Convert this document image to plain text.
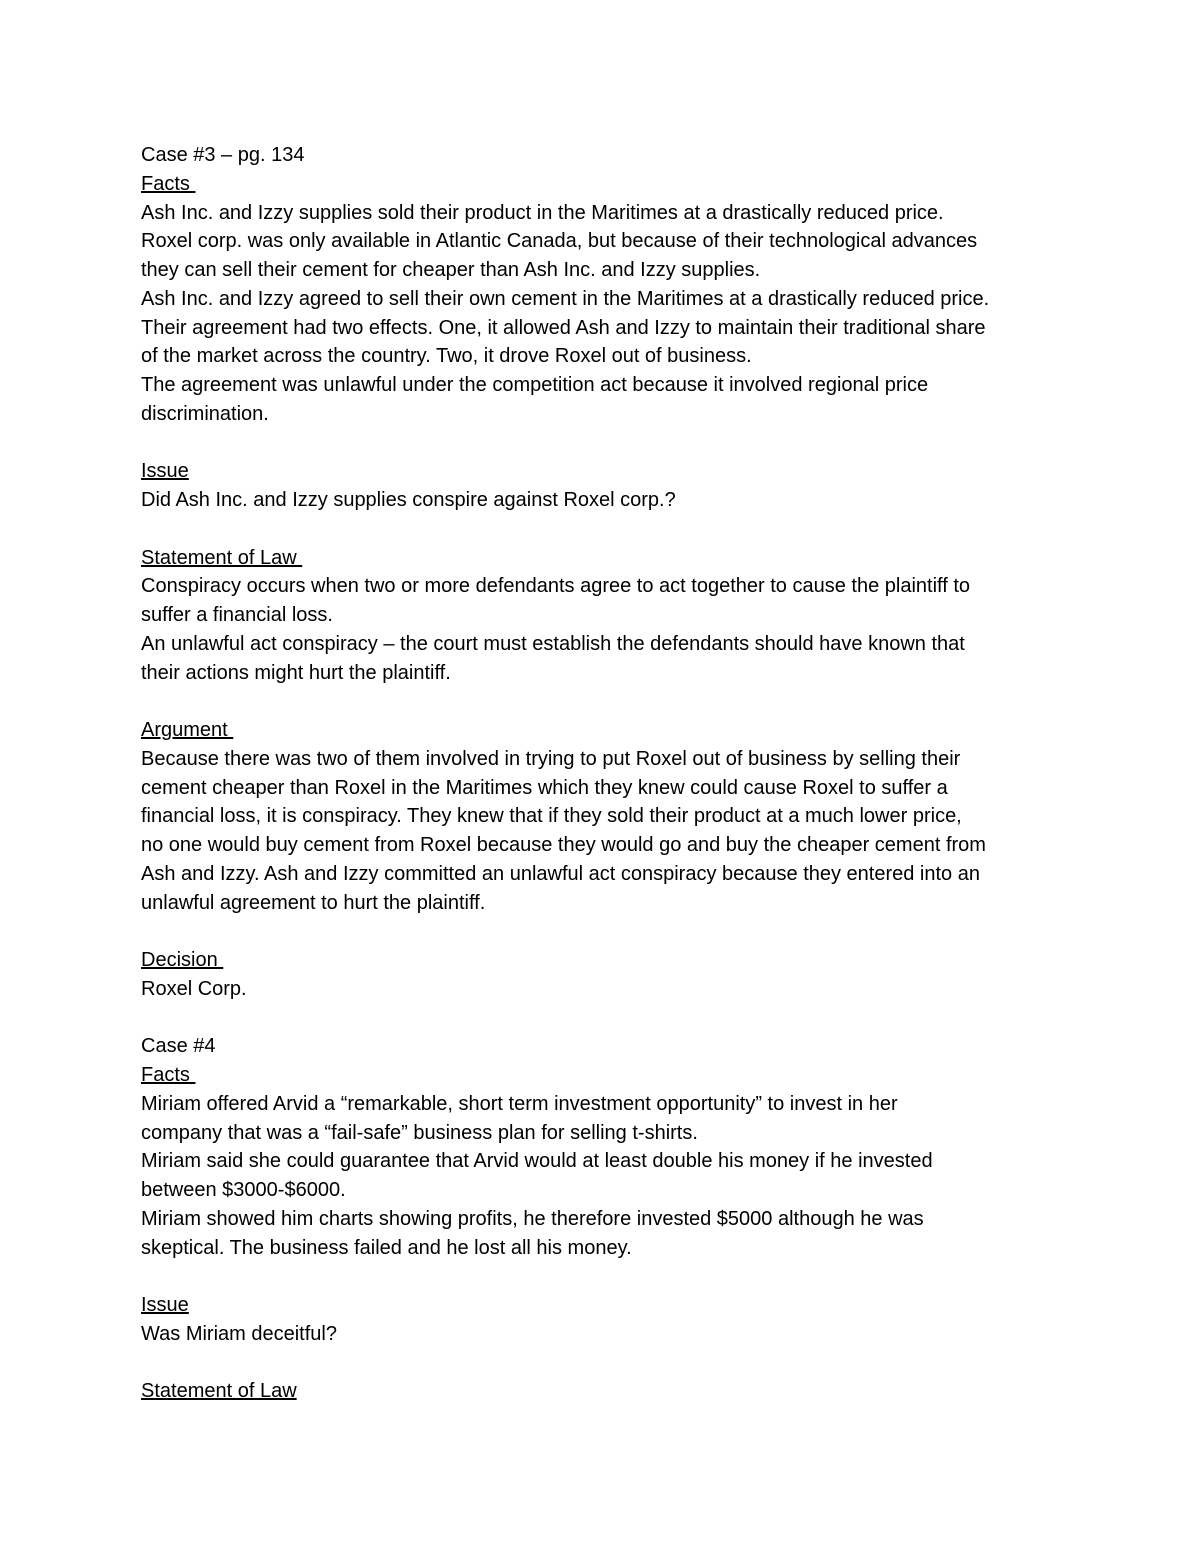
Case #3 – pg. 134
Facts
Ash Inc. and Izzy supplies sold their product in the Maritimes at a drastically reduced price.
Roxel corp. was only available in Atlantic Canada, but because of their technological advances
they can sell their cement for cheaper than Ash Inc. and Izzy supplies.
Ash Inc. and Izzy agreed to sell their own cement in the Maritimes at a drastically reduced price.
Their agreement had two effects. One, it allowed Ash and Izzy to maintain their traditional share
of the market across the country. Two, it drove Roxel out of business.
The agreement was unlawful under the competition act because it involved regional price
discrimination.
Issue
Did Ash Inc. and Izzy supplies conspire against Roxel corp.?
Statement of Law
Conspiracy occurs when two or more defendants agree to act together to cause the plaintiff to
suffer a financial loss.
An unlawful act conspiracy – the court must establish the defendants should have known that
their actions might hurt the plaintiff.
Argument
Because there was two of them involved in trying to put Roxel out of business by selling their
cement cheaper than Roxel in the Maritimes which they knew could cause Roxel to suffer a
financial loss, it is conspiracy. They knew that if they sold their product at a much lower price,
no one would buy cement from Roxel because they would go and buy the cheaper cement from
Ash and Izzy. Ash and Izzy committed an unlawful act conspiracy because they entered into an
unlawful agreement to hurt the plaintiff.
Decision
Roxel Corp.
Case #4
Facts
Miriam offered Arvid a “remarkable, short term investment opportunity” to invest in her
company that was a “fail-safe” business plan for selling t-shirts.
Miriam said she could guarantee that Arvid would at least double his money if he invested
between $3000-$6000.
Miriam showed him charts showing profits, he therefore invested $5000 although he was
skeptical. The business failed and he lost all his money.
Issue
Was Miriam deceitful?
Statement of Law
